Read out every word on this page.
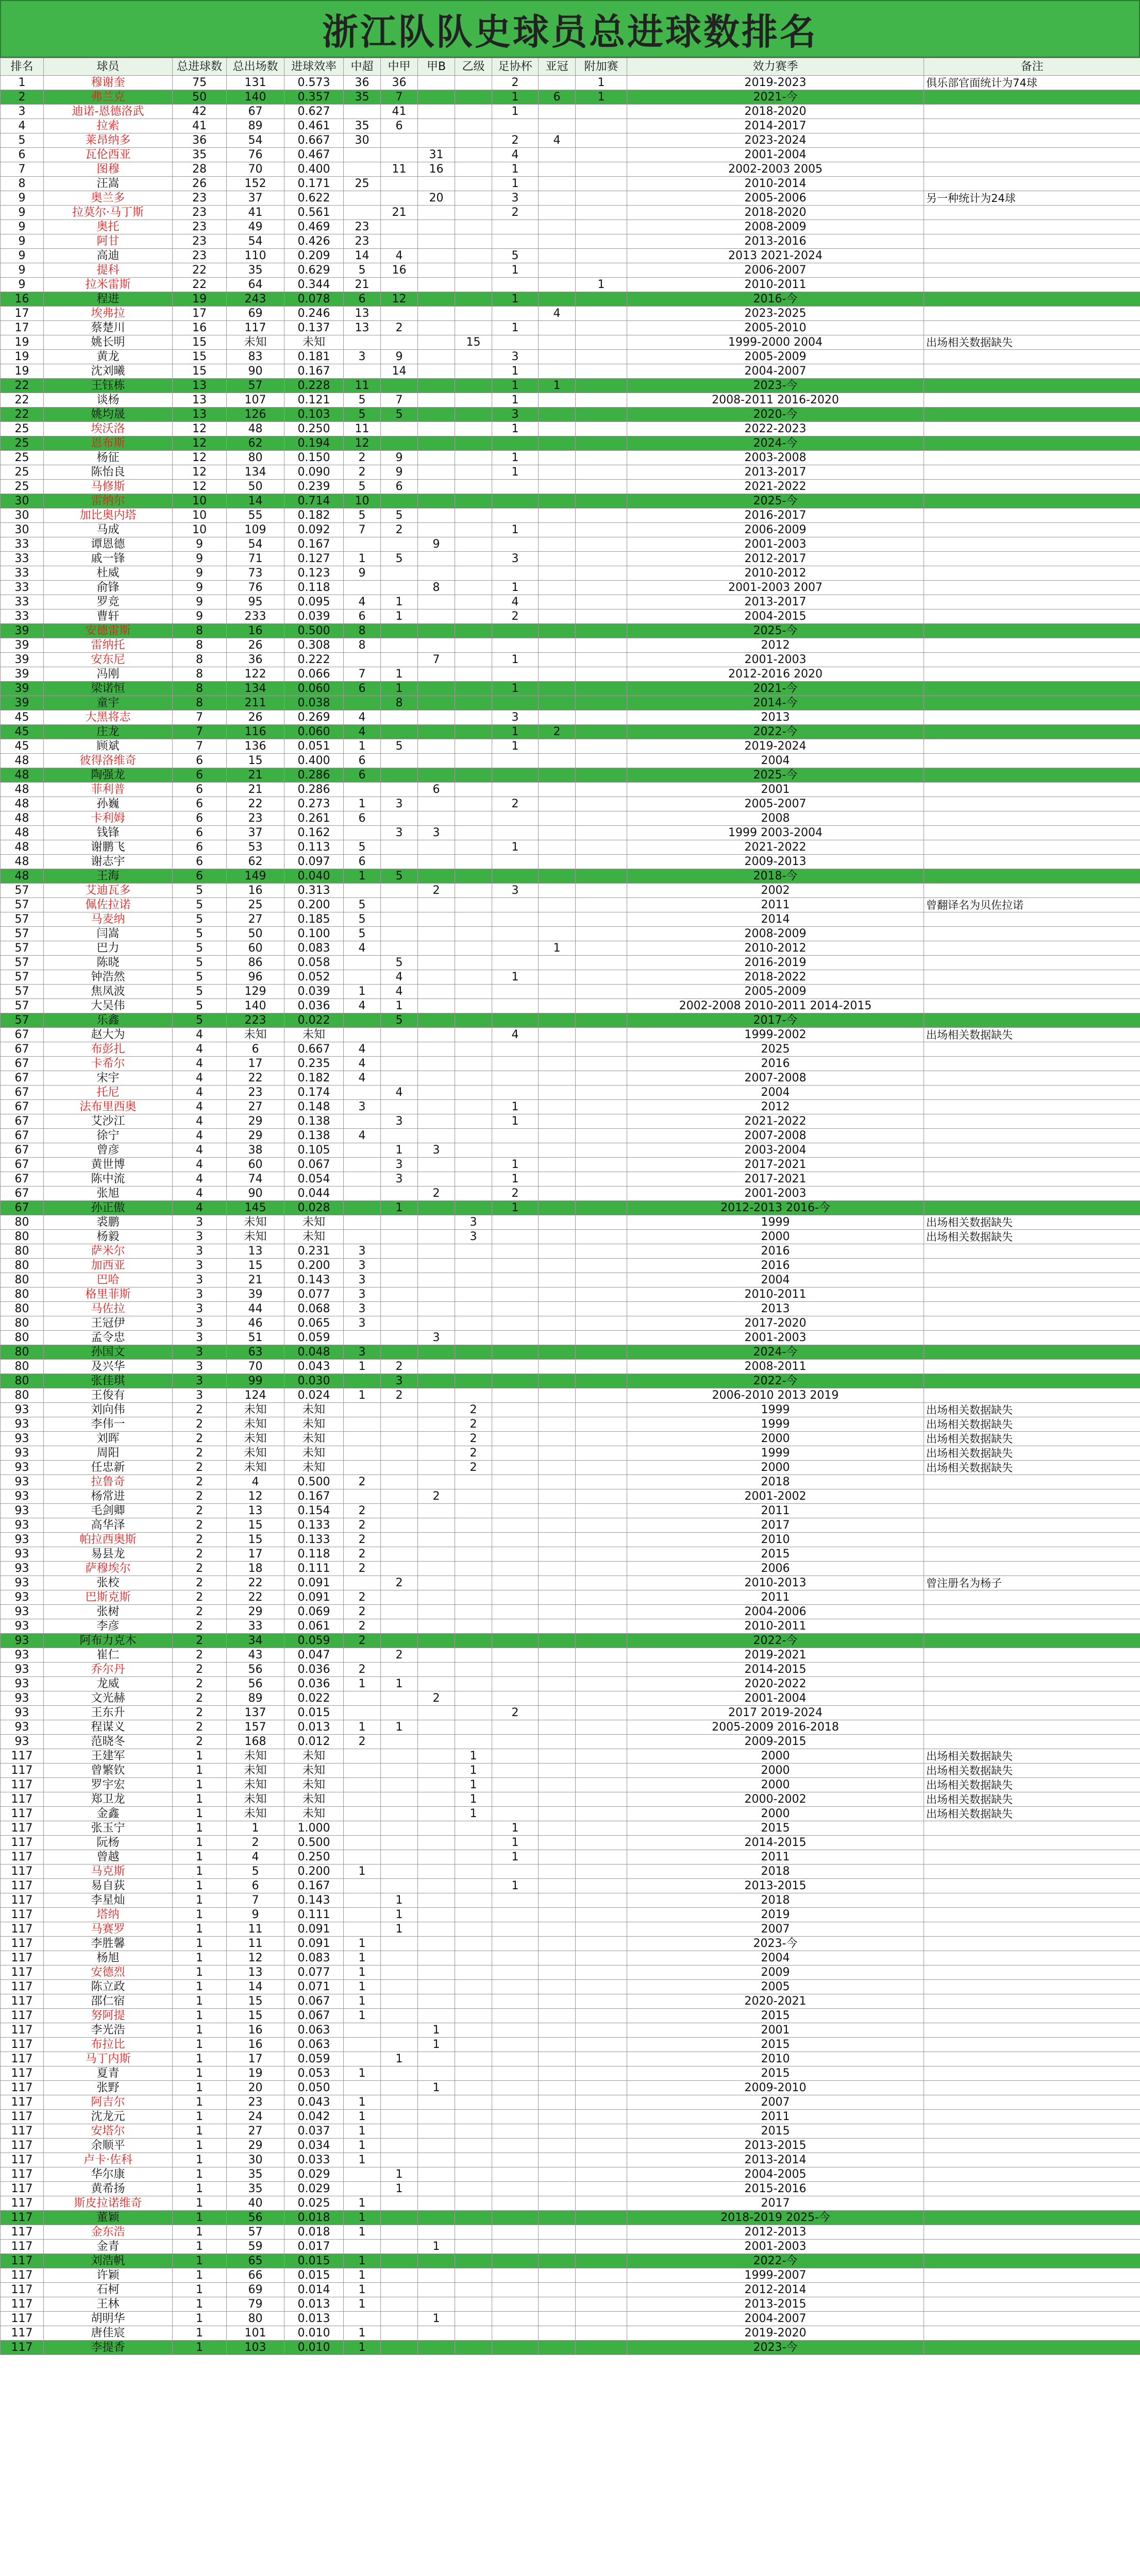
浙江队队史球员总进球数排名
排名	球员	总进球数	总出场数	进球效率	中超	中甲	甲B	乙级	足协杯	亚冠	附加赛	效力赛季	备注
1	穆谢奎	75	131	0.573	36	36			2		1	2019-2023	俱乐部官面统计为74球
2	弗兰克	50	140	0.357	35	7			1	6	1	2021-今	
3	迪诺-恩德洛武	42	67	0.627		41			1			2018-2020	
4	拉索	41	89	0.461	35	6						2014-2017	
5	莱昂纳多	36	54	0.667	30				2	4		2023-2024	
6	瓦伦西亚	35	76	0.467			31		4			2001-2004	
7	图穆	28	70	0.400		11	16		1			2002-2003 2005	
8	汪嵩	26	152	0.171	25				1			2010-2014	
9	奥兰多	23	37	0.622			20		3			2005-2006	另一种统计为24球
9	拉莫尔·马丁斯	23	41	0.561		21			2			2018-2020	
9	奥托	23	49	0.469	23							2008-2009	
9	阿甘	23	54	0.426	23							2013-2016	
9	高迪	23	110	0.209	14	4			5			2013 2021-2024	
9	提科	22	35	0.629	5	16			1			2006-2007	
9	拉米雷斯	22	64	0.344	21						1	2010-2011	
16	程进	19	243	0.078	6	12			1			2016-今	
17	埃弗拉	17	69	0.246	13					4		2023-2025	
17	蔡楚川	16	117	0.137	13	2			1			2005-2010	
19	姚长明	15	未知	未知				15				1999-2000 2004	出场相关数据缺失
19	黄龙	15	83	0.181	3	9			3			2005-2009	
19	沈刘曦	15	90	0.167		14			1			2004-2007	
22	王钰栋	13	57	0.228	11				1	1		2023-今	
22	谈杨	13	107	0.121	5	7			1			2008-2011 2016-2020	
22	姚均晟	13	126	0.103	5	5			3			2020-今	
25	埃沃洛	12	48	0.250	11				1			2022-2023	
25	恩布斯	12	62	0.194	12							2024-今	
25	杨征	12	80	0.150	2	9			1			2003-2008	
25	陈怡良	12	134	0.090	2	9			1			2013-2017	
25	马修斯	12	50	0.239	5	6						2021-2022	
30	雷纳尔	10	14	0.714	10							2025-今	
30	加比奥内塔	10	55	0.182	5	5						2016-2017	
30	马成	10	109	0.092	7	2			1			2006-2009	
33	谭恩德	9	54	0.167			9					2001-2003	
33	戚一锋	9	71	0.127	1	5			3			2012-2017	
33	杜威	9	73	0.123	9							2010-2012	
33	俞锋	9	76	0.118			8		1			2001-2003 2007	
33	罗竞	9	95	0.095	4	1			4			2013-2017	
33	曹轩	9	233	0.039	6	1			2			2004-2015	
39	安德雷斯	8	16	0.500	8							2025-今	
39	雷纳托	8	26	0.308	8							2012	
39	安东尼	8	36	0.222			7		1			2001-2003	
39	冯刚	8	122	0.066	7	1						2012-2016 2020	
39	梁诺恒	8	134	0.060	6	1			1			2021-今	
39	童宇	8	211	0.038		8						2014-今	
45	大黑将志	7	26	0.269	4				3			2013	
45	庄龙	7	116	0.060	4				1	2		2022-今	
45	顾斌	7	136	0.051	1	5			1			2019-2024	
48	彼得洛维奇	6	15	0.400	6							2004	
48	陶强龙	6	21	0.286	6							2025-今	
48	菲利普	6	21	0.286			6					2001	
48	孙巍	6	22	0.273	1	3			2			2005-2007	
48	卡利姆	6	23	0.261	6							2008	
48	钱锋	6	37	0.162		3	3					1999 2003-2004	
48	谢鹏飞	6	53	0.113	5				1			2021-2022	
48	谢志宇	6	62	0.097	6							2009-2013	
48	王海	6	149	0.040	1	5						2018-今	
57	艾迪瓦多	5	16	0.313			2		3			2002	
57	佩佐拉诺	5	25	0.200	5							2011	曾翻译名为贝佐拉诺
57	马麦纳	5	27	0.185	5							2014	
57	闫嵩	5	50	0.100	5							2008-2009	
57	巴力	5	60	0.083	4					1		2010-2012	
57	陈晓	5	86	0.058		5						2016-2019	
57	钟浩然	5	96	0.052		4			1			2018-2022	
57	焦凤波	5	129	0.039	1	4						2005-2009	
57	大吴伟	5	140	0.036	4	1						2002-2008 2010-2011 2014-2015	
57	乐鑫	5	223	0.022		5						2017-今	
67	赵大为	4	未知	未知					4			1999-2002	出场相关数据缺失
67	布彭扎	4	6	0.667	4							2025	
67	卡希尔	4	17	0.235	4							2016	
67	宋宇	4	22	0.182	4							2007-2008	
67	托尼	4	23	0.174		4						2004	
67	法布里西奥	4	27	0.148	3				1			2012	
67	艾沙江	4	29	0.138		3			1			2021-2022	
67	徐宁	4	29	0.138	4							2007-2008	
67	曾彦	4	38	0.105		1	3					2003-2004	
67	黄世博	4	60	0.067		3			1			2017-2021	
67	陈中流	4	74	0.054		3			1			2017-2021	
67	张旭	4	90	0.044			2		2			2001-2003	
67	孙正傲	4	145	0.028		1			1			2012-2013 2016-今	
80	裘鹏	3	未知	未知				3				1999	出场相关数据缺失
80	杨毅	3	未知	未知				3				2000	出场相关数据缺失
80	萨米尔	3	13	0.231	3							2016	
80	加西亚	3	15	0.200	3							2016	
80	巴哈	3	21	0.143	3							2004	
80	格里菲斯	3	39	0.077	3							2010-2011	
80	马佐拉	3	44	0.068	3							2013	
80	王冠伊	3	46	0.065	3							2017-2020	
80	孟令忠	3	51	0.059			3					2001-2003	
80	孙国文	3	63	0.048	3							2024-今	
80	及兴华	3	70	0.043	1	2						2008-2011	
80	张佳琪	3	99	0.030		3						2022-今	
80	王俊有	3	124	0.024	1	2						2006-2010 2013 2019	
93	刘向伟	2	未知	未知				2				1999	出场相关数据缺失
93	李伟一	2	未知	未知				2				1999	出场相关数据缺失
93	刘晖	2	未知	未知				2				2000	出场相关数据缺失
93	周阳	2	未知	未知				2				1999	出场相关数据缺失
93	任忠新	2	未知	未知				2				2000	出场相关数据缺失
93	拉鲁奇	2	4	0.500	2							2018	
93	杨常进	2	12	0.167			2					2001-2002	
93	毛剑卿	2	13	0.154	2							2011	
93	高华泽	2	15	0.133	2							2017	
93	帕拉西奥斯	2	15	0.133	2							2010	
93	易县龙	2	17	0.118	2							2015	
93	萨穆埃尔	2	18	0.111	2							2006	
93	张校	2	22	0.091		2						2010-2013	曾注册名为杨子
93	巴斯克斯	2	22	0.091	2							2011	
93	张树	2	29	0.069	2							2004-2006	
93	李彦	2	33	0.061	2							2010-2011	
93	阿布力克木	2	34	0.059	2							2022-今	
93	崔仁	2	43	0.047		2						2019-2021	
93	乔尔丹	2	56	0.036	2							2014-2015	
93	龙威	2	56	0.036	1	1						2020-2022	
93	文光赫	2	89	0.022			2					2001-2004	
93	王东升	2	137	0.015					2			2017 2019-2024	
93	程谋义	2	157	0.013	1	1						2005-2009 2016-2018	
93	范晓冬	2	168	0.012	2							2009-2015	
117	王建军	1	未知	未知				1				2000	出场相关数据缺失
117	曾繁钦	1	未知	未知				1				2000	出场相关数据缺失
117	罗宇宏	1	未知	未知				1				2000	出场相关数据缺失
117	郑卫龙	1	未知	未知				1				2000-2002	出场相关数据缺失
117	金鑫	1	未知	未知				1				2000	出场相关数据缺失
117	张玉宁	1	1	1.000					1			2015	
117	阮杨	1	2	0.500					1			2014-2015	
117	曾越	1	4	0.250					1			2011	
117	马克斯	1	5	0.200	1							2018	
117	易自荻	1	6	0.167					1			2013-2015	
117	李星灿	1	7	0.143		1						2018	
117	塔纳	1	9	0.111		1						2019	
117	马赛罗	1	11	0.091		1						2007	
117	李胜馨	1	11	0.091	1							2023-今	
117	杨旭	1	12	0.083	1							2004	
117	安德烈	1	13	0.077	1							2009	
117	陈立政	1	14	0.071	1							2005	
117	邵仁宿	1	15	0.067	1							2020-2021	
117	努阿提	1	15	0.067	1							2015	
117	李光浩	1	16	0.063			1					2001	
117	布拉比	1	16	0.063			1					2015	
117	马丁内斯	1	17	0.059		1						2010	
117	夏青	1	19	0.053	1							2015	
117	张野	1	20	0.050			1					2009-2010	
117	阿吉尔	1	23	0.043	1							2007	
117	沈龙元	1	24	0.042	1							2011	
117	安塔尔	1	27	0.037	1							2015	
117	余顺平	1	29	0.034	1							2013-2015	
117	卢卡·佐科	1	30	0.033	1							2013-2014	
117	华尔康	1	35	0.029		1						2004-2005	
117	黄希扬	1	35	0.029		1						2015-2016	
117	斯皮拉诺维奇	1	40	0.025	1							2017	
117	董颖	1	56	0.018	1							2018-2019 2025-今	
117	金东浩	1	57	0.018	1							2012-2013	
117	金青	1	59	0.017			1					2001-2003	
117	刘浩帆	1	65	0.015	1							2022-今	
117	许颖	1	66	0.015	1							1999-2007	
117	石柯	1	69	0.014	1							2012-2014	
117	王林	1	79	0.013	1							2013-2015	
117	胡明华	1	80	0.013			1					2004-2007	
117	唐佳宸	1	101	0.010	1							2019-2020	
117	李提香	1	103	0.010	1							2023-今	
